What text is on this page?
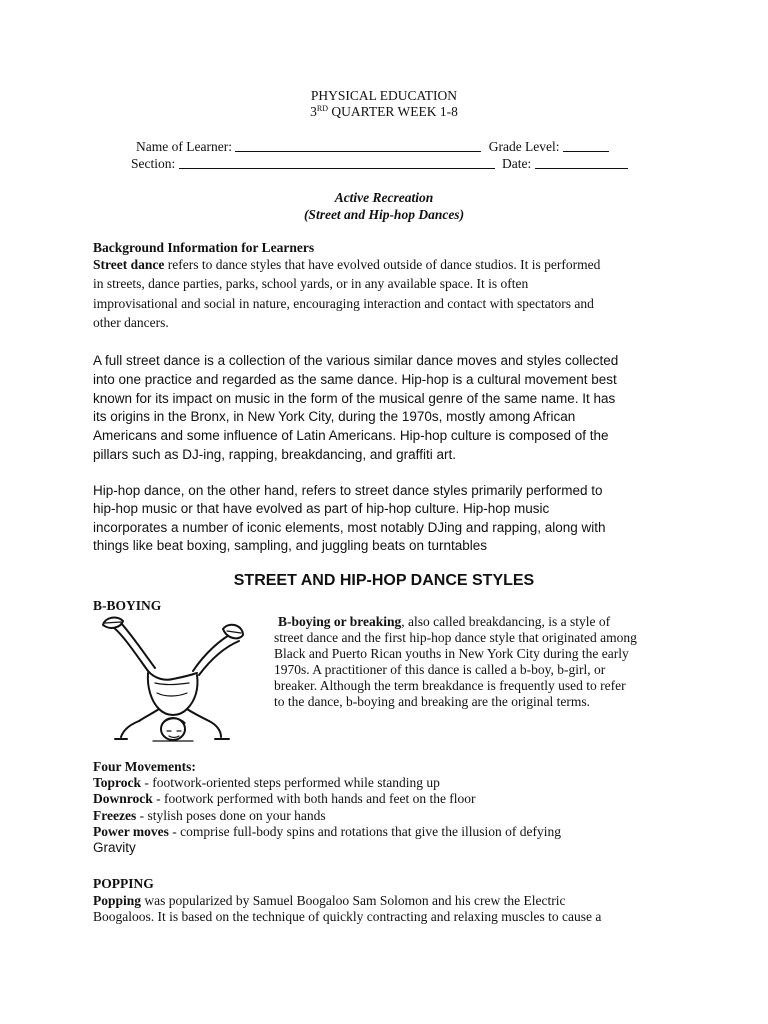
PHYSICAL EDUCATION
3RD QUARTER WEEK 1-8
Name of Learner:	Grade Level:
Section:	Date:
Active Recreation
(Street and Hip-hop Dances)
Background Information for Learners
Street dance refers to dance styles that have evolved outside of dance studios. It is performed
in streets, dance parties, parks, school yards, or in any available space. It is often
improvisational and social in nature, encouraging interaction and contact with spectators and
other dancers.
A full street dance is a collection of the various similar dance moves and styles collected
into one practice and regarded as the same dance. Hip-hop is a cultural movement best
known for its impact on music in the form of the musical genre of the same name. It has
its origins in the Bronx, in New York City, during the 1970s, mostly among African
Americans and some influence of Latin Americans. Hip-hop culture is composed of the
pillars such as DJ-ing, rapping, breakdancing, and graffiti art.
Hip-hop dance, on the other hand, refers to street dance styles primarily performed to
hip-hop music or that have evolved as part of hip-hop culture. Hip-hop music
incorporates a number of iconic elements, most notably DJing and rapping, along with
things like beat boxing, sampling, and juggling beats on turntables
STREET AND HIP-HOP DANCE STYLES
B-BOYING
B-boying or breaking, also called breakdancing, is a style of
street dance and the first hip-hop dance style that originated among
Black and Puerto Rican youths in New York City during the early
1970s. A practitioner of this dance is called a b-boy, b-girl, or
breaker. Although the term breakdance is frequently used to refer
to the dance, b-boying and breaking are the original terms.
Four Movements:
Toprock - footwork-oriented steps performed while standing up
Downrock - footwork performed with both hands and feet on the floor
Freezes - stylish poses done on your hands
Power moves - comprise full-body spins and rotations that give the illusion of defying
Gravity
POPPING
Popping was popularized by Samuel Boogaloo Sam Solomon and his crew the Electric
Boogaloos. It is based on the technique of quickly contracting and relaxing muscles to cause a
